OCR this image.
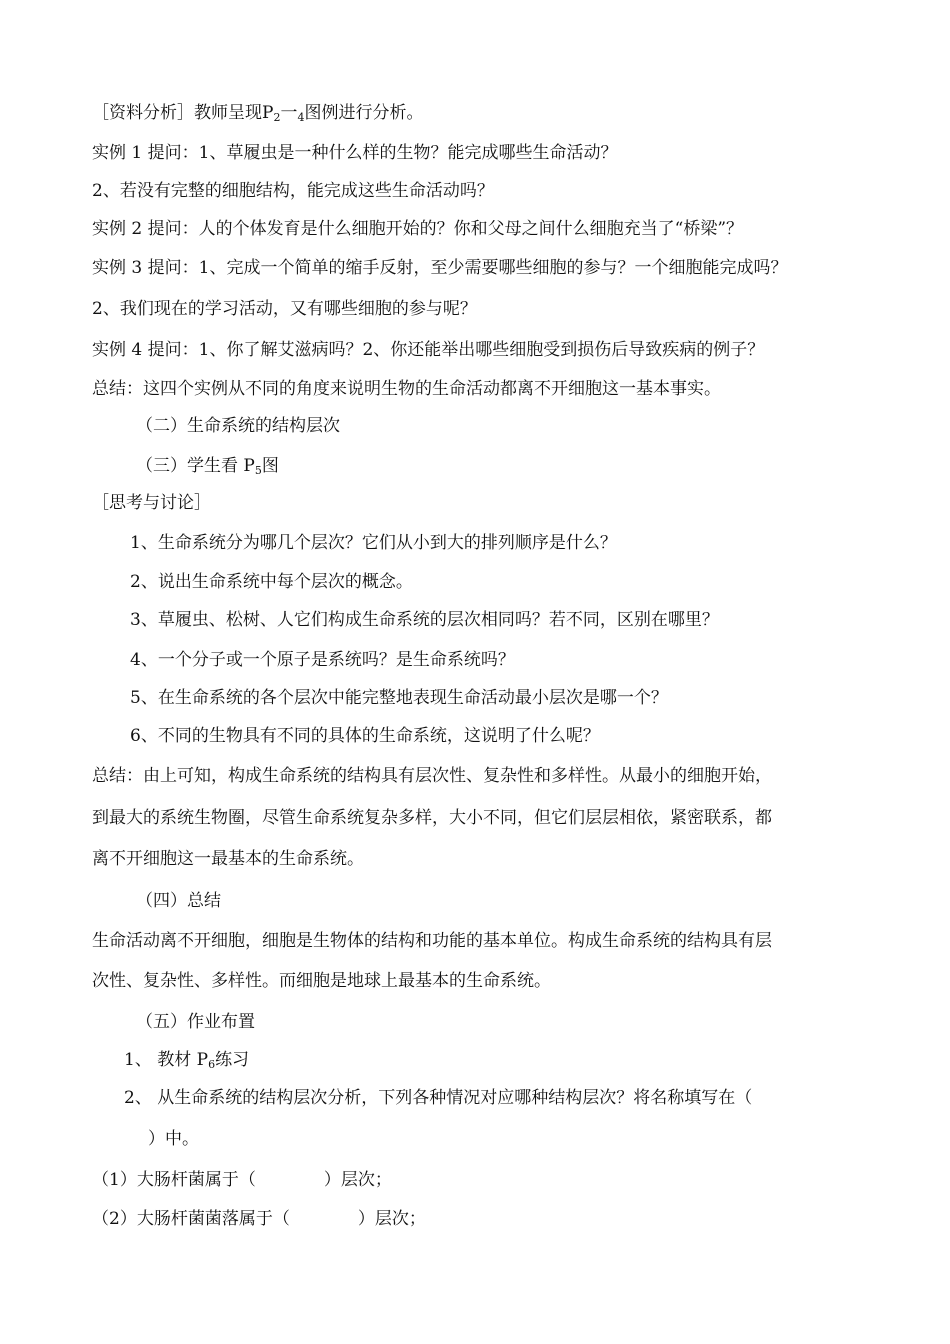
［资料分析］教师呈现$P_2$一$_4$图例进行分析。
实例 1 提问：1、草履虫是一种什么样的生物？能完成哪些生命活动？
2、若没有完整的细胞结构，能完成这些生命活动吗？
实例 2 提问：人的个体发育是什么细胞开始的？你和父母之间什么细胞充当了“桥梁”？
实例 3 提问：1、完成一个简单的缩手反射，至少需要哪些细胞的参与？一个细胞能完成吗？
2、我们现在的学习活动，又有哪些细胞的参与呢？
实例 4 提问：1、你了解艾滋病吗？2、你还能举出哪些细胞受到损伤后导致疾病的例子？
总结：这四个实例从不同的角度来说明生物的生命活动都离不开细胞这一基本事实。
（二）生命系统的结构层次
（三）学生看 $P_5$图
［思考与讨论］
1、生命系统分为哪几个层次？它们从小到大的排列顺序是什么？
2、说出生命系统中每个层次的概念。
3、草履虫、松树、人它们构成生命系统的层次相同吗？若不同，区别在哪里？
4、一个分子或一个原子是系统吗？是生命系统吗？
5、在生命系统的各个层次中能完整地表现生命活动最小层次是哪一个？
6、不同的生物具有不同的具体的生命系统，这说明了什么呢？
总结：由上可知，构成生命系统的结构具有层次性、复杂性和多样性。从最小的细胞开始，
到最大的系统生物圈，尽管生命系统复杂多样，大小不同，但它们层层相依，紧密联系，都
离不开细胞这一最基本的生命系统。
（四）总结
生命活动离不开细胞，细胞是生物体的结构和功能的基本单位。构成生命系统的结构具有层
次性、复杂性、多样性。而细胞是地球上最基本的生命系统。
（五）作业布置
1、 教材 $P_6$练习
2、 从生命系统的结构层次分析，下列各种情况对应哪种结构层次？将名称填写在（
）中。
（1）大肠杆菌属于（　　　　）层次；
（2）大肠杆菌菌落属于（　　　　）层次；
